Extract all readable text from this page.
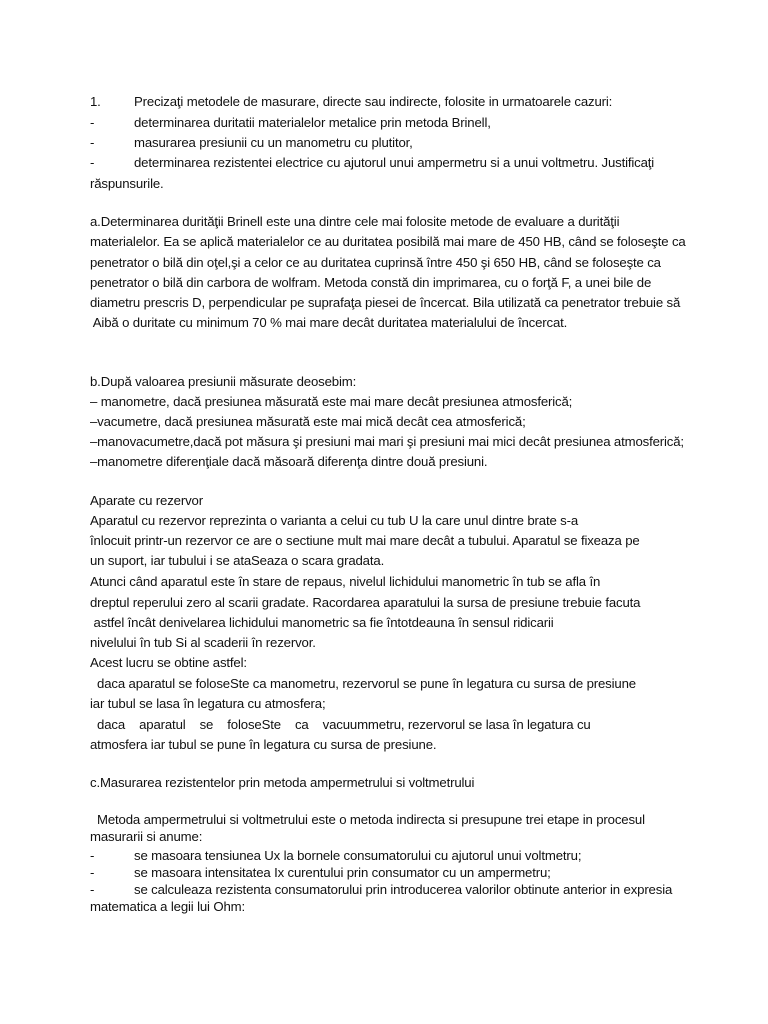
1.	Precizaţi metodele de masurare, directe sau indirecte, folosite in urmatoarele cazuri:
-	determinarea duritatii materialelor metalice prin metoda Brinell,
-	masurarea presiunii cu un manometru cu plutitor,
-	determinarea rezistentei electrice cu ajutorul unui ampermetru si a unui voltmetru. Justificaţi
răspunsurile.
a.Determinarea durităţii Brinell este una dintre cele mai folosite metode de evaluare a durităţii
materialelor. Ea se aplică materialelor ce au duritatea posibilă mai mare de 450 HB, când se foloseşte ca
penetrator o bilă din oţel,şi a celor ce au duritatea cuprinsă între 450 şi 650 HB, când se foloseşte ca
penetrator o bilă din carbora de wolfram. Metoda constă din imprimarea, cu o forţă F, a unei bile de
diametru prescris D, perpendicular pe suprafaţa piesei de încercat. Bila utilizată ca penetrator trebuie să
Aibă o duritate cu minimum 70 % mai mare decât duritatea materialului de încercat.
b.După valoarea presiunii măsurate deosebim:
– manometre, dacă presiunea măsurată este mai mare decât presiunea atmosferică;
–vacumetre, dacă presiunea măsurată este mai mică decât cea atmosferică;
–manovacumetre,dacă pot măsura şi presiuni mai mari şi presiuni mai mici decât presiunea atmosferică;
–manometre diferenţiale dacă măsoară diferenţa dintre două presiuni.
Aparate cu rezervor
Aparatul cu rezervor reprezinta o varianta a celui cu tub U la care unul dintre brate s-a
înlocuit printr-un rezervor ce are o sectiune mult mai mare decât a tubului. Aparatul se fixeaza pe
un suport, iar tubului i se ataSeaza o scara gradata.
Atunci când aparatul este în stare de repaus, nivelul lichidului manometric în tub se afla în
dreptul reperului zero al scarii gradate. Racordarea aparatului la sursa de presiune trebuie facuta
astfel încât denivelarea lichidului manometric sa fie întotdeauna în sensul ridicarii
nivelului în tub Si al scaderii în rezervor.
Acest lucru se obtine astfel:
daca aparatul se foloseSte ca manometru, rezervorul se pune în legatura cu sursa de presiune
iar tubul se lasa în legatura cu atmosfera;
daca    aparatul    se    foloseSte    ca    vacuummetru, rezervorul se lasa în legatura cu
atmosfera iar tubul se pune în legatura cu sursa de presiune.
c.Masurarea rezistentelor prin metoda ampermetrului si voltmetrului
Metoda ampermetrului si voltmetrului este o metoda indirecta si presupune trei etape in procesul
masurarii si anume:
-	se masoara tensiunea Ux la bornele consumatorului cu ajutorul unui voltmetru;
-	se masoara intensitatea Ix curentului prin consumator cu un ampermetru;
-	se calculeaza rezistenta consumatorului prin introducerea valorilor obtinute anterior in expresia
matematica a legii lui Ohm:
